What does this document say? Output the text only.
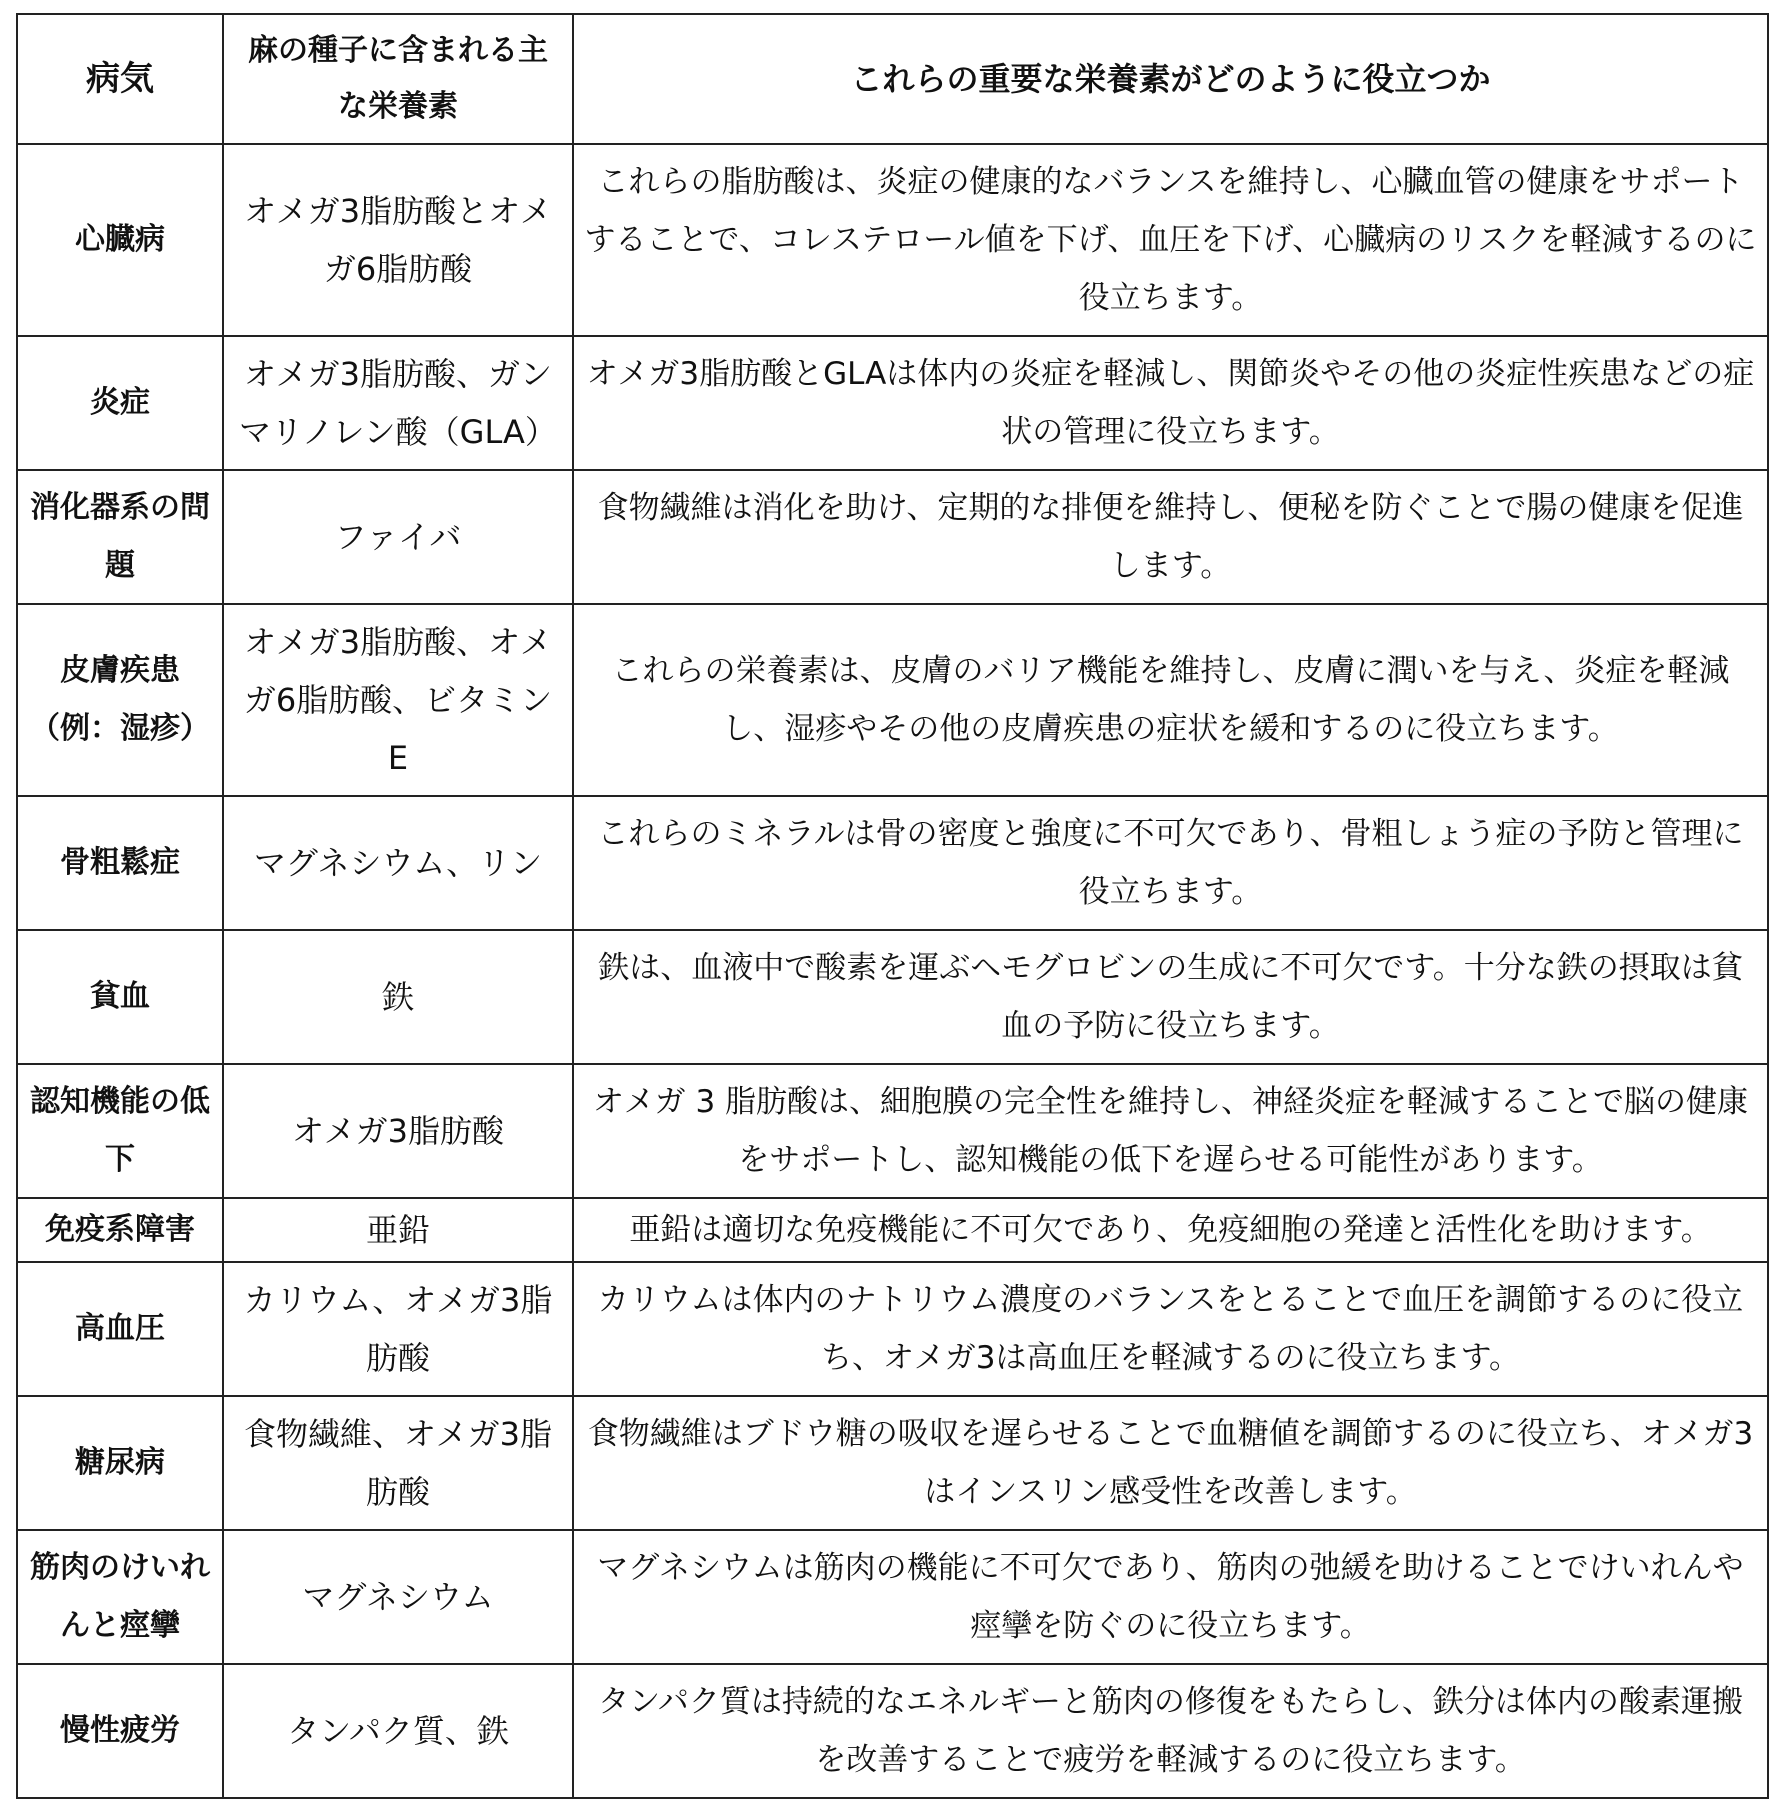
病気	麻の種子に含まれる主な栄養素	これらの重要な栄養素がどのように役立つか
心臓病	オメガ3脂肪酸とオメガ6脂肪酸	これらの脂肪酸は、炎症の健康的なバランスを維持し、心臓血管の健康をサポートすることで、コレステロール値を下げ、血圧を下げ、心臓病のリスクを軽減するのに役立ちます。
炎症	オメガ3脂肪酸、ガンマリノレン酸（GLA）	オメガ3脂肪酸とGLAは体内の炎症を軽減し、関節炎やその他の炎症性疾患などの症状の管理に役立ちます。
消化器系の問題	ファイバ	食物繊維は消化を助け、定期的な排便を維持し、便秘を防ぐことで腸の健康を促進します。
皮膚疾患（例：湿疹）	オメガ3脂肪酸、オメガ6脂肪酸、ビタミンE	これらの栄養素は、皮膚のバリア機能を維持し、皮膚に潤いを与え、炎症を軽減し、湿疹やその他の皮膚疾患の症状を緩和するのに役立ちます。
骨粗鬆症	マグネシウム、リン	これらのミネラルは骨の密度と強度に不可欠であり、骨粗しょう症の予防と管理に役立ちます。
貧血	鉄	鉄は、血液中で酸素を運ぶヘモグロビンの生成に不可欠です。十分な鉄の摂取は貧血の予防に役立ちます。
認知機能の低下	オメガ3脂肪酸	オメガ 3 脂肪酸は、細胞膜の完全性を維持し、神経炎症を軽減することで脳の健康をサポートし、認知機能の低下を遅らせる可能性があります。
免疫系障害	亜鉛	亜鉛は適切な免疫機能に不可欠であり、免疫細胞の発達と活性化を助けます。
高血圧	カリウム、オメガ3脂肪酸	カリウムは体内のナトリウム濃度のバランスをとることで血圧を調節するのに役立ち、オメガ3は高血圧を軽減するのに役立ちます。
糖尿病	食物繊維、オメガ3脂肪酸	食物繊維はブドウ糖の吸収を遅らせることで血糖値を調節するのに役立ち、オメガ3はインスリン感受性を改善します。
筋肉のけいれんと痙攣	マグネシウム	マグネシウムは筋肉の機能に不可欠であり、筋肉の弛緩を助けることでけいれんや痙攣を防ぐのに役立ちます。
慢性疲労	タンパク質、鉄	タンパク質は持続的なエネルギーと筋肉の修復をもたらし、鉄分は体内の酸素運搬を改善することで疲労を軽減するのに役立ちます。
